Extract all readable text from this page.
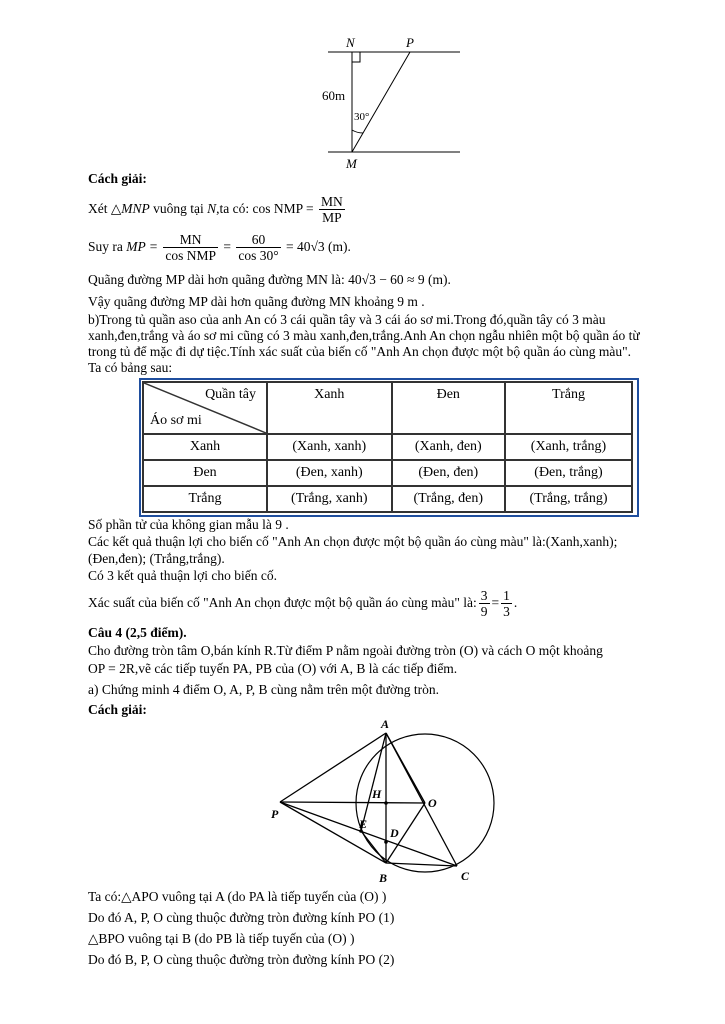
N	P
M
60m
30°
Cách giải:
Xét △MNP vuông tại N,ta có: cos NMP = $\frac{MN}{MP}$
Suy ra MP = $\frac{MN}{\text{cos NMP}} = \frac{60}{\cos 30^\circ} = 40√3$ (m).
Quãng đường MP dài hơn quãng đường MN là: 40√3 − 60 ≈ 9 (m).
Vậy quãng đường MP dài hơn quãng đường MN khoảng 9 m .
b)Trong tủ quần aso của anh An có 3 cái quần tây và 3 cái áo sơ mi.Trong đó,quần tây có 3 màu
xanh,đen,trắng và áo sơ mi cũng có 3 màu xanh,đen,trắng.Anh An chọn ngẫu nhiên một bộ quần áo từ
trong tủ để mặc đi dự tiệc.Tính xác suất của biến cố "Anh An chọn được một bộ quần áo cùng màu".
Ta có bảng sau:
Quần tây
Áo sơ mi	Xanh	Đen	Trắng
Xanh	(Xanh, xanh)	(Xanh, đen)	(Xanh, trắng)
Đen	(Đen, xanh)	(Đen, đen)	(Đen, trắng)
Trắng	(Trắng, xanh)	(Trắng, đen)	(Trắng, trắng)
Số phần tử của không gian mẫu là 9 .
Các kết quả thuận lợi cho biến cố "Anh An chọn được một bộ quần áo cùng màu" là:(Xanh,xanh);
(Đen,đen); (Trắng,trắng).
Có 3 kết quả thuận lợi cho biến cố.
Xác suất của biến cố "Anh An chọn được một bộ quần áo cùng màu" là: $\frac{3}{9} = \frac{1}{3}$ .
Câu 4 (2,5 điểm).
Cho đường tròn tâm O,bán kính R.Từ điểm P nằm ngoài đường tròn (O) và cách O một khoảng
OP = 2R,vẽ các tiếp tuyến PA, PB của (O) với A, B là các tiếp điểm.
a) Chứng minh 4 điểm O, A, P, B cùng nằm trên một đường tròn.
Cách giải:
A
B	C
P
O
H
E
D
Ta có:△APO vuông tại A (do PA là tiếp tuyến của (O) )
Do đó A, P, O cùng thuộc đường tròn đường kính PO (1)
△BPO vuông tại B (do PB là tiếp tuyến của (O) )
Do đó B, P, O cùng thuộc đường tròn đường kính PO (2)
